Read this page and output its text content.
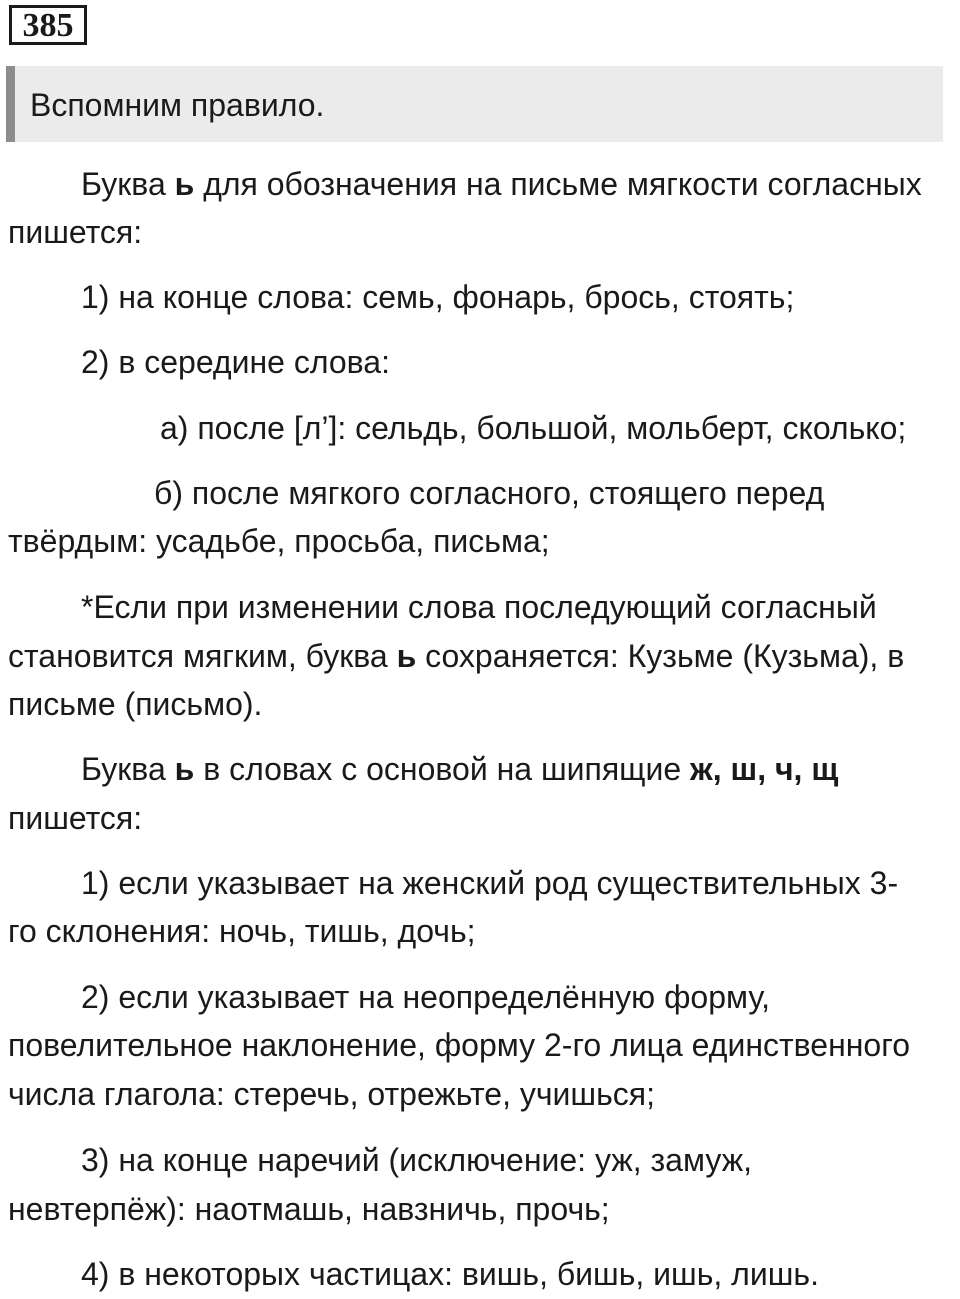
385
Вспомним правило.

Буква ь для обозначения на письме мягкости согласных

пишется:

1) на конце слова: семь, фонарь, брось, стоять;

2) в середине слова:

а) после [л’]: сельдь, большой, мольберт, сколько;

б) после мягкого согласного, стоящего перед

твёрдым: усадьбе, просьба, письма;

*Если при изменении слова последующий согласный

становится мягким, буква ь сохраняется: Кузьме (Кузьма), в

письме (письмо).

Буква ь в словах с основой на шипящие ж, ш, ч, щ

пишется:

1) если указывает на женский род существительных 3-

го склонения: ночь, тишь, дочь;

2) если указывает на неопределённую форму,

повелительное наклонение, форму 2-го лица единственного

числа глагола: стеречь, отрежьте, учишься;

3) на конце наречий (исключение: уж, замуж,

невтерпёж): наотмашь, навзничь, прочь;

4) в некоторых частицах: вишь, бишь, ишь, лишь.
